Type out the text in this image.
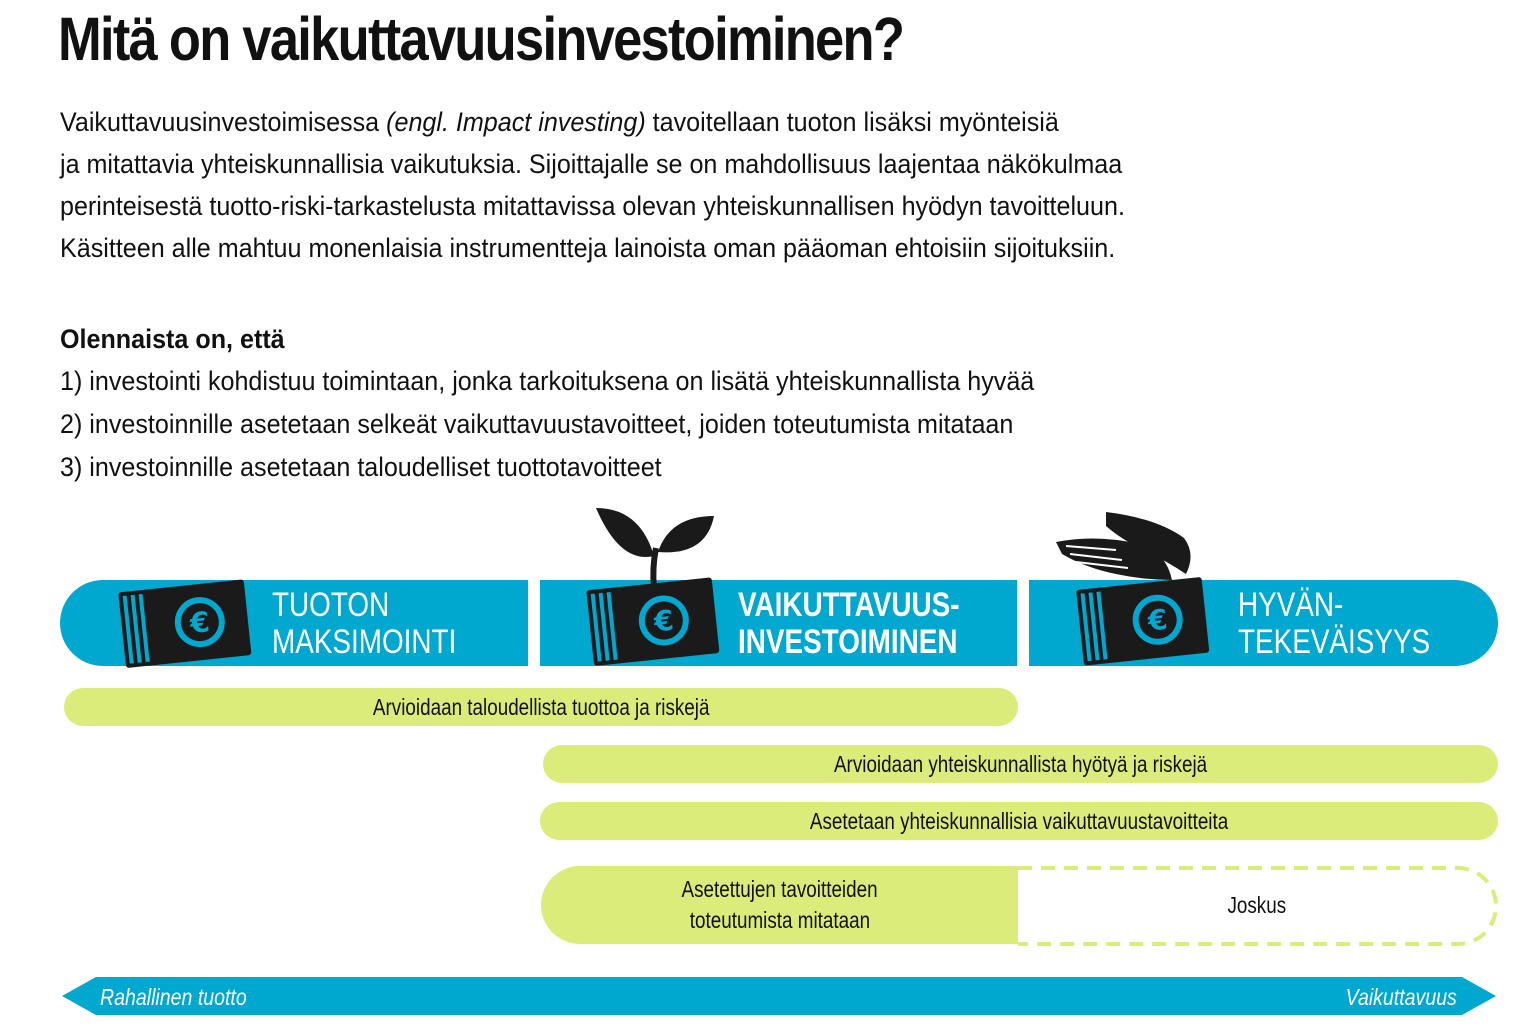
Mitä on vaikuttavuusinvestoiminen?

Vaikuttavuusinvestoimisessa (engl. Impact investing) tavoitellaan tuoton lisäksi myönteisiä

ja mitattavia yhteiskunnallisia vaikutuksia. Sijoittajalle se on mahdollisuus laajentaa näkökulmaa

perinteisestä tuotto-riski-tarkastelusta mitattavissa olevan yhteiskunnallisen hyödyn tavoitteluun.

Käsitteen alle mahtuu monenlaisia instrumentteja lainoista oman pääoman ehtoisiin sijoituksiin.

Olennaista on, että
1) investointi kohdistuu toimintaan, jonka tarkoituksena on lisätä yhteiskunnallista hyvää
2) investoinnille asetetaan selkeät vaikuttavuustavoitteet, joiden toteutumista mitataan
3) investoinnille asetetaan taloudelliset tuottotavoitteet
€	€	€
TUOTON
MAKSIMOINTI
VAIKUTTAVUUS-
INVESTOIMINEN
HYVÄN-
TEKEVÄISYYS
Arvioidaan taloudellista tuottoa ja riskejä
Arvioidaan yhteiskunnallista hyötyä ja riskejä
Asetetaan yhteiskunnallisia vaikuttavuustavoitteita
Asetettujen tavoitteiden
toteutumista mitataan
Joskus
Rahallinen tuotto	Vaikuttavuus
